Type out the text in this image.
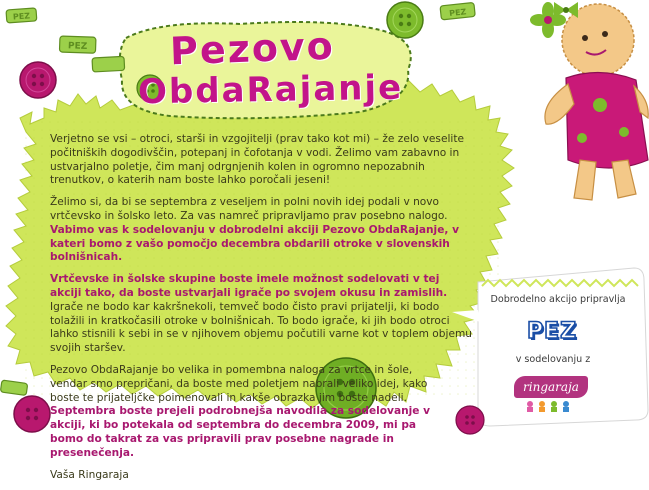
PEZ
PEZ
PEZ
Pezovo
ObdaRajanje

Verjetno se vsi – otroci, starši in vzgojitelji (prav tako kot mi) – že zelo veselite počitniških dogodivščin, potepanj in čofotanja v vodi. Želimo vam zabavno in ustvarjalno poletje, čim manj odrgnjenih kolen in ogromno nepozabnih trenutkov, o katerih nam boste lahko poročali jeseni!

Želimo si, da bi se septembra z veseljem in polni novih idej podali v novo vrtčevsko in šolsko leto. Za vas namreč pripravljamo prav posebno nalogo. Vabimo vas k sodelovanju v dobrodelni akciji Pezovo ObdaRajanje, v kateri bomo z vašo pomočjo decembra obdarili otroke v slovenskih bolnišnicah.

Vrtčevske in šolske skupine boste imele možnost sodelovati v tej akciji tako, da boste ustvarjali igrače po svojem okusu in zamislih. Igrače ne bodo kar kakršnekoli, temveč bodo čisto pravi prijatelji, ki bodo tolažili in kratkočasili otroke v bolnišnicah. To bodo igrače, ki jih bodo otroci lahko stisnili k sebi in se v njihovem objemu počutili varne kot v toplem objemu svojih staršev.

Pezovo ObdaRajanje bo velika in pomembna naloga za vrtce in šole, vendar smo prepričani, da boste med poletjem nabrali veliko idej, kako boste te prijateljčke poimenovali in kakše obrazka jim boste nadeli. Septembra boste prejeli podrobnejša navodila za sodelovanje v akciji, ki bo potekala od septembra do decembra 2009, mi pa bomo do takrat za vas pripravili prav posebne nagrade in presenečenja.

Vaša Ringaraja

Dobrodelno akcijo pripravlja
PEZ
v sodelovanju z
ringaraja
